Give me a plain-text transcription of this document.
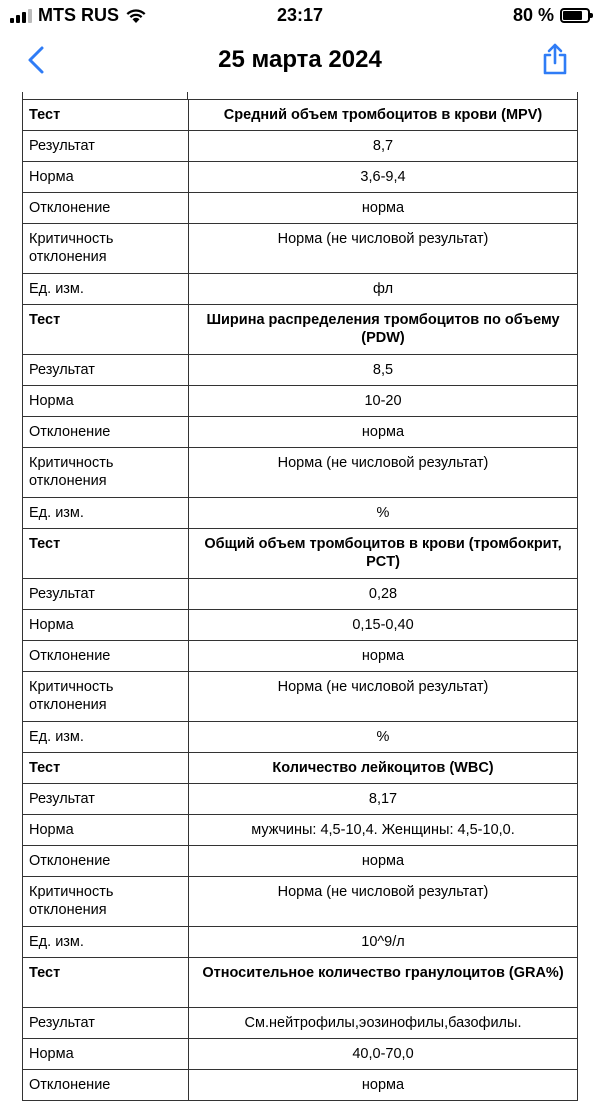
MTS RUS	23:17	80 %
25 марта 2024
Тест	Средний объем тромбоцитов в крови (MPV)
Результат	8,7
Норма	3,6-9,4
Отклонение	норма
Критичность отклонения	Норма (не числовой результат)
Ед. изм.	фл
Тест	Ширина распределения тромбоцитов по объему (PDW)
Результат	8,5
Норма	10-20
Отклонение	норма
Критичность отклонения	Норма (не числовой результат)
Ед. изм.	%
Тест	Общий объем тромбоцитов в крови (тромбокрит, PCT)
Результат	0,28
Норма	0,15-0,40
Отклонение	норма
Критичность отклонения	Норма (не числовой результат)
Ед. изм.	%
Тест	Количество лейкоцитов (WBC)
Результат	8,17
Норма	мужчины: 4,5-10,4. Женщины: 4,5-10,0.
Отклонение	норма
Критичность отклонения	Норма (не числовой результат)
Ед. изм.	10^9/л
Тест	Относительное количество гранулоцитов (GRA%)
Результат	См.нейтрофилы,эозинофилы,базофилы.
Норма	40,0-70,0
Отклонение	норма
